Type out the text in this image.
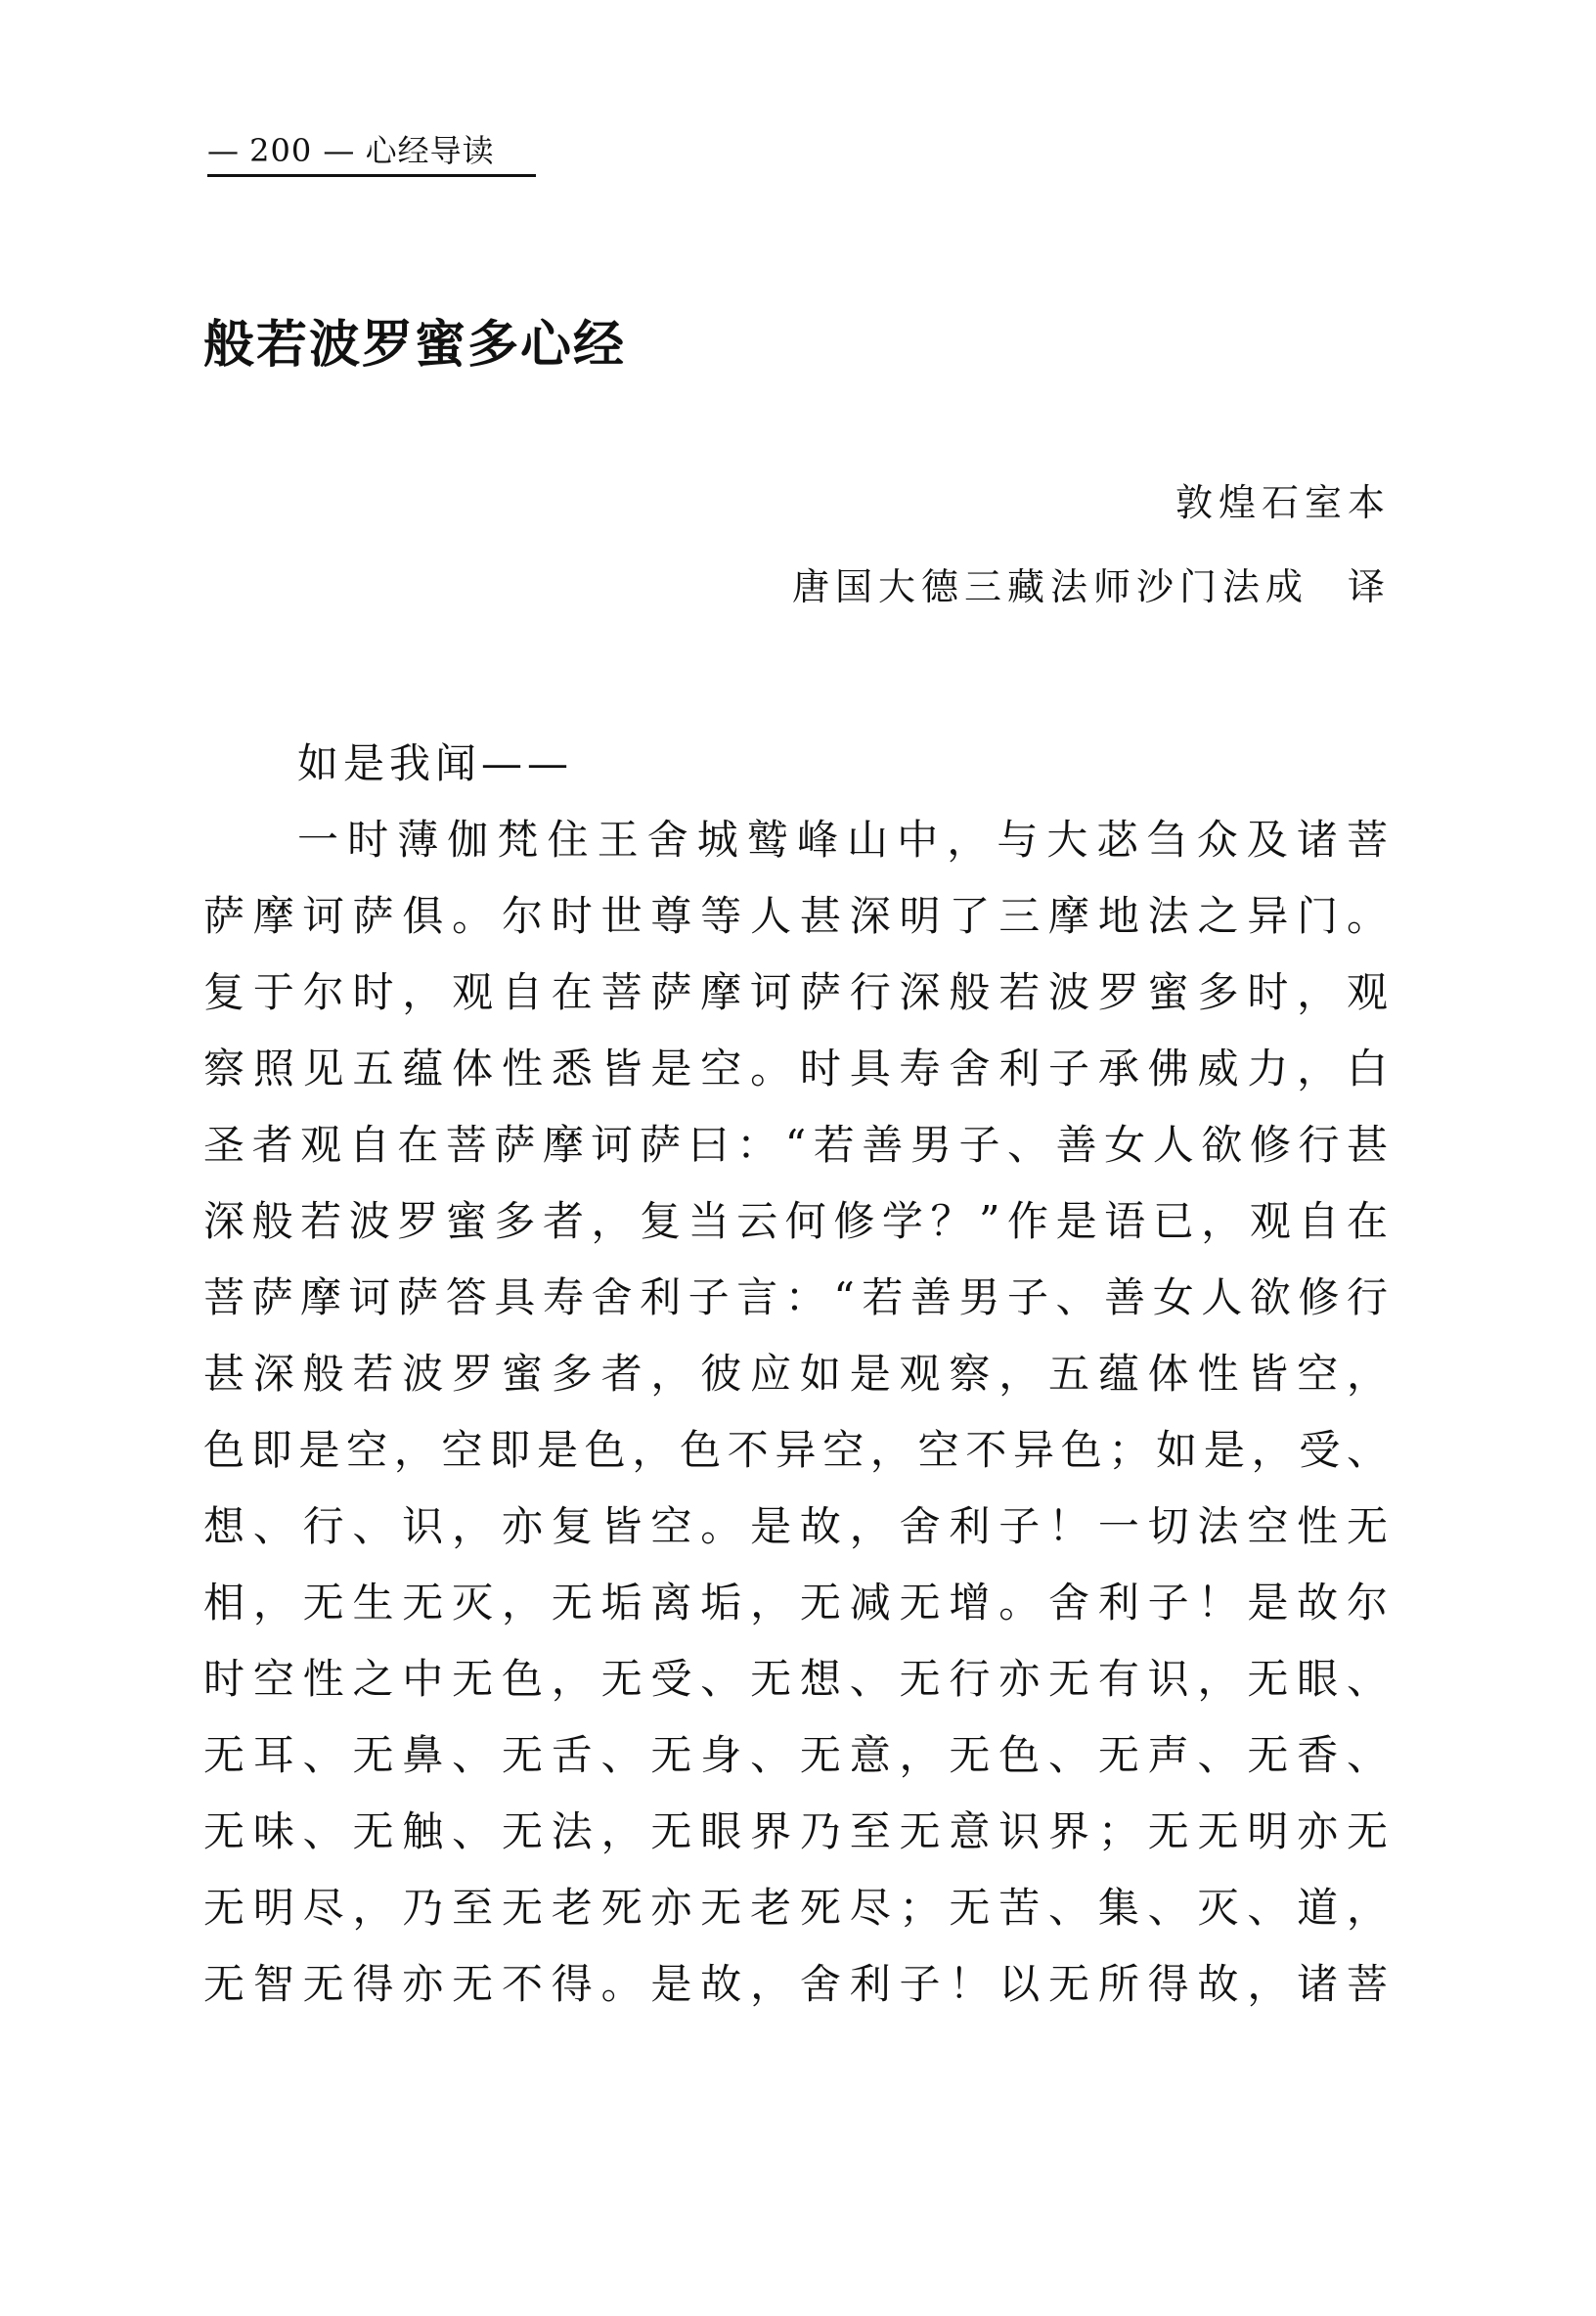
— 200 — 心经导读
般若波罗蜜多心经
敦煌石室本
唐国大德三藏法师沙门法成 译

如是我闻——

一时薄伽梵住王舍城鹫峰山中，与大苾刍众及诸菩
萨摩诃萨俱。尔时世尊等人甚深明了三摩地法之异门。
复于尔时，观自在菩萨摩诃萨行深般若波罗蜜多时，观
察照见五蕴体性悉皆是空。时具寿舍利子承佛威力，白
圣者观自在菩萨摩诃萨曰：“若善男子、善女人欲修行甚
深般若波罗蜜多者，复当云何修学？”作是语已，观自在
菩萨摩诃萨答具寿舍利子言：“若善男子、善女人欲修行
甚深般若波罗蜜多者，彼应如是观察，五蕴体性皆空，
色即是空，空即是色，色不异空，空不异色；如是，受、
想、行、识，亦复皆空。是故，舍利子！一切法空性无
相，无生无灭，无垢离垢，无减无增。舍利子！是故尔
时空性之中无色，无受、无想、无行亦无有识，无眼、
无耳、无鼻、无舌、无身、无意，无色、无声、无香、
无味、无触、无法，无眼界乃至无意识界；无无明亦无
无明尽，乃至无老死亦无老死尽；无苦、集、灭、道，
无智无得亦无不得。是故，舍利子！以无所得故，诸菩
